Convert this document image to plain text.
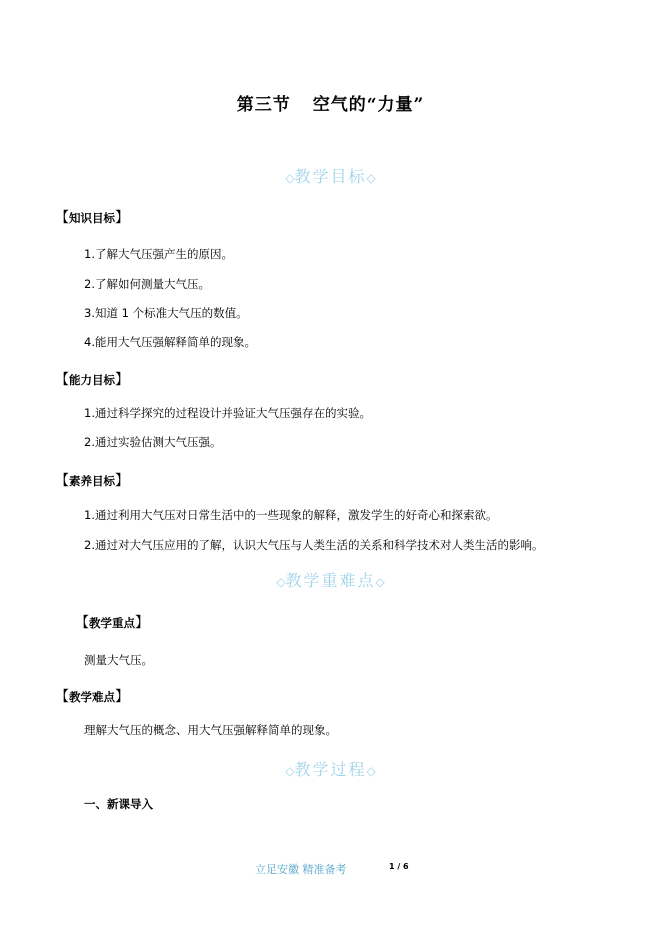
第三节 空气的“力量”
◇教学目标◇
【知识目标】
1.了解大气压强产生的原因。
2.了解如何测量大气压。
3.知道 1 个标准大气压的数值。
4.能用大气压强解释简单的现象。
【能力目标】
1.通过科学探究的过程设计并验证大气压强存在的实验。
2.通过实验估测大气压强。
【素养目标】
1.通过利用大气压对日常生活中的一些现象的解释，激发学生的好奇心和探索欲。
2.通过对大气压应用的了解，认识大气压与人类生活的关系和科学技术对人类生活的影响。
◇教学重难点◇
【教学重点】
测量大气压。
【教学难点】
理解大气压的概念、用大气压强解释简单的现象。
◇教学过程◇
一、新课导入
立足安徽 精准备考	1 / 6
